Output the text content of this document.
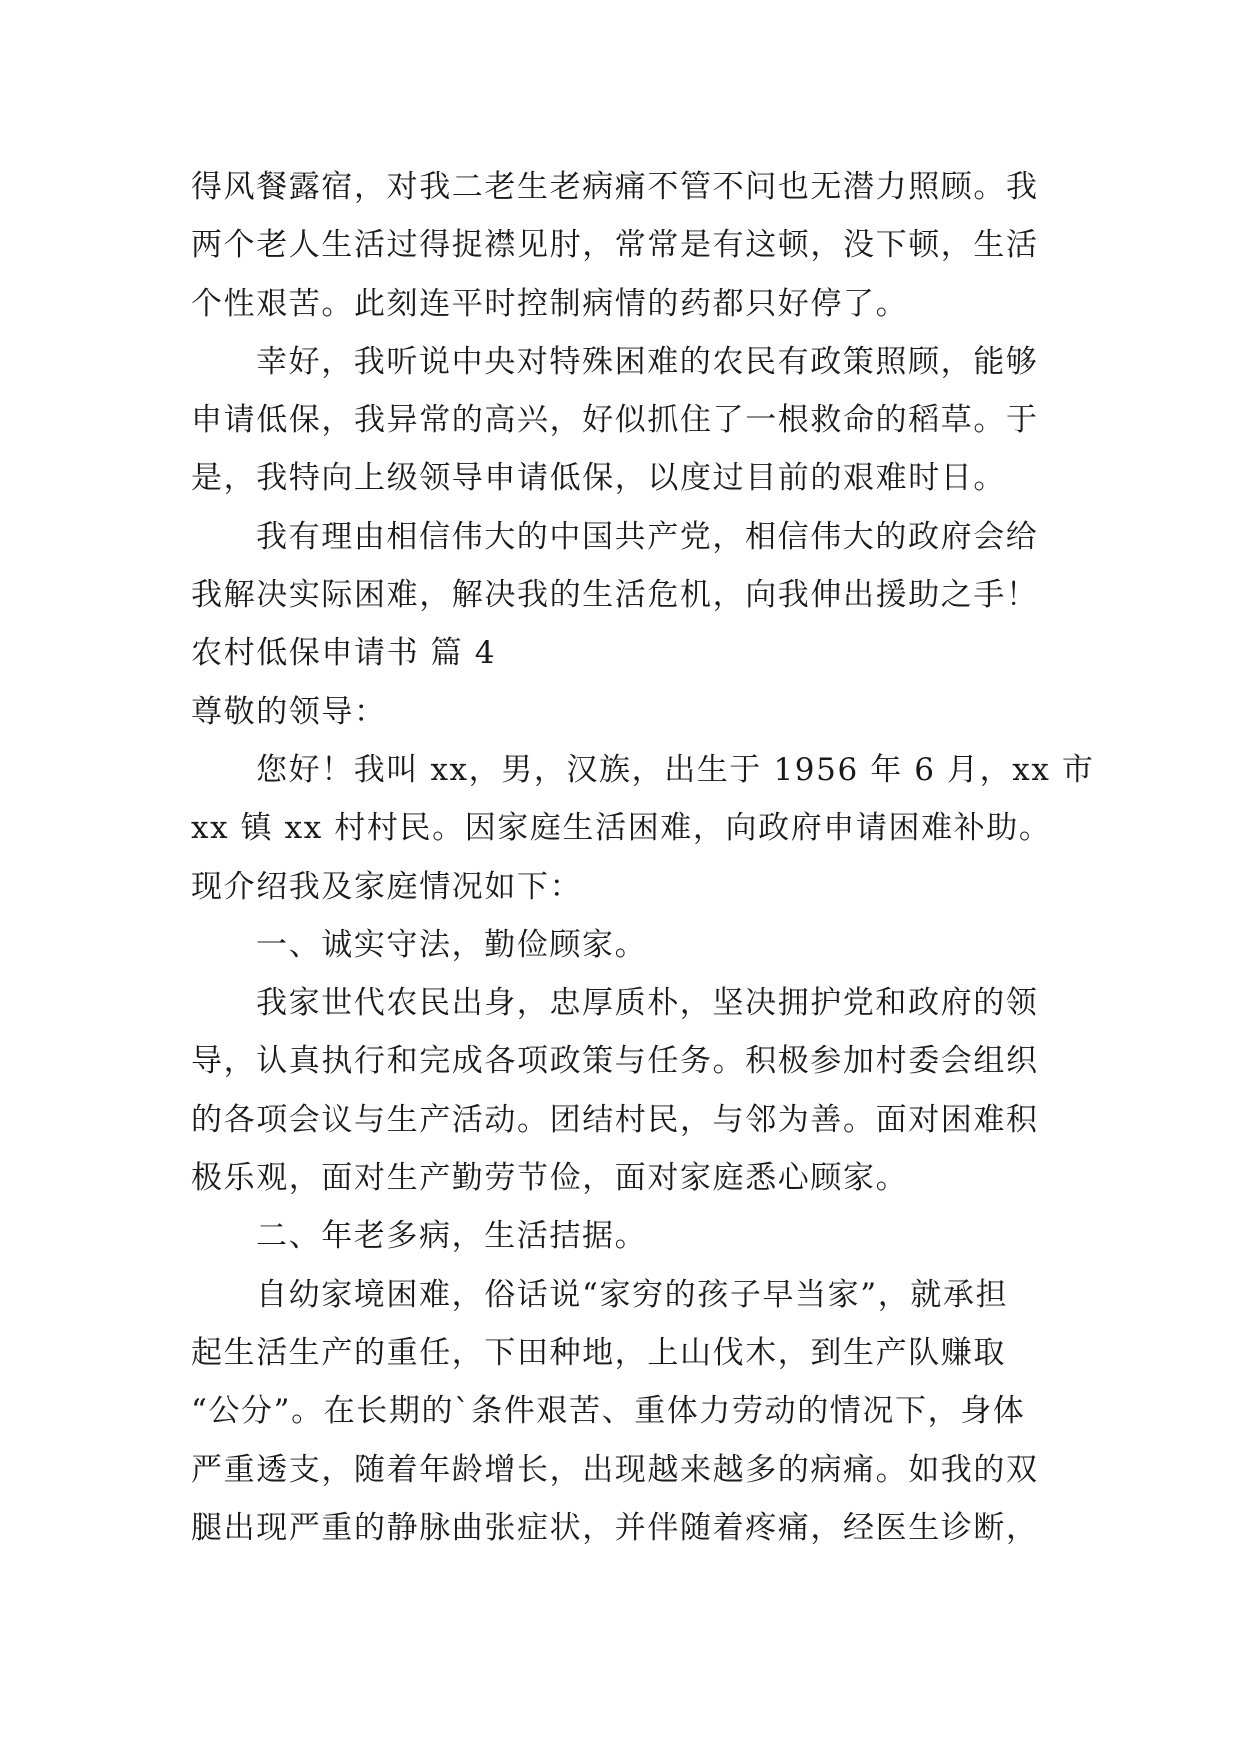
得风餐露宿，对我二老生老病痛不管不问也无潜力照顾。我
两个老人生活过得捉襟见肘，常常是有这顿，没下顿，生活
个性艰苦。此刻连平时控制病情的药都只好停了。
幸好，我听说中央对特殊困难的农民有政策照顾，能够
申请低保，我异常的高兴，好似抓住了一根救命的稻草。于
是，我特向上级领导申请低保，以度过目前的艰难时日。
我有理由相信伟大的中国共产党，相信伟大的政府会给
我解决实际困难，解决我的生活危机，向我伸出援助之手！
农村低保申请书 篇 4
尊敬的领导：
您好！我叫 xx，男，汉族，出生于 1956 年 6 月，xx 市
xx 镇 xx 村村民。因家庭生活困难，向政府申请困难补助。
现介绍我及家庭情况如下：
一、诚实守法，勤俭顾家。
我家世代农民出身，忠厚质朴，坚决拥护党和政府的领
导，认真执行和完成各项政策与任务。积极参加村委会组织
的各项会议与生产活动。团结村民，与邻为善。面对困难积
极乐观，面对生产勤劳节俭，面对家庭悉心顾家。
二、年老多病，生活拮据。
自幼家境困难，俗话说“家穷的孩子早当家”，就承担
起生活生产的重任，下田种地，上山伐木，到生产队赚取
“公分”。在长期的`条件艰苦、重体力劳动的情况下，身体
严重透支，随着年龄增长，出现越来越多的病痛。如我的双
腿出现严重的静脉曲张症状，并伴随着疼痛，经医生诊断，
